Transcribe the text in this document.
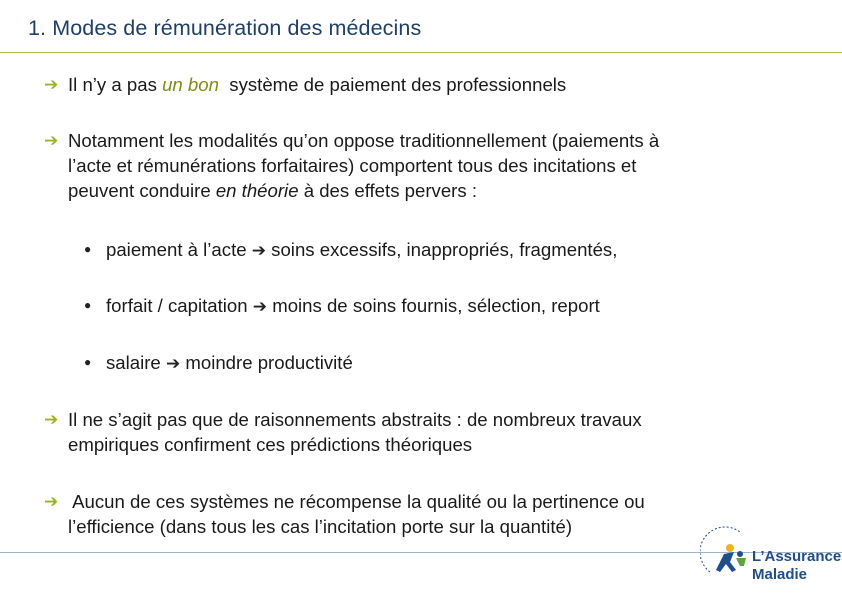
1. Modes de rémunération des médecins
➔ Il n’y a pas un bon  système de paiement des professionnels
➔ Notamment les modalités qu’on oppose traditionnellement (paiements à
l’acte et rémunérations forfaitaires) comportent tous des incitations et
peuvent conduire en théorie à des effets pervers :
● paiement à l’acte ➔ soins excessifs, inappropriés, fragmentés,
● forfait / capitation ➔ moins de soins fournis, sélection, report
● salaire ➔ moindre productivité
➔ Il ne s’agit pas que de raisonnements abstraits : de nombreux travaux
empiriques confirment ces prédictions théoriques
➔ Aucun de ces systèmes ne récompense la qualité ou la pertinence ou
l’efficience (dans tous les cas l’incitation porte sur la quantité)
L’Assurance
Maladie
